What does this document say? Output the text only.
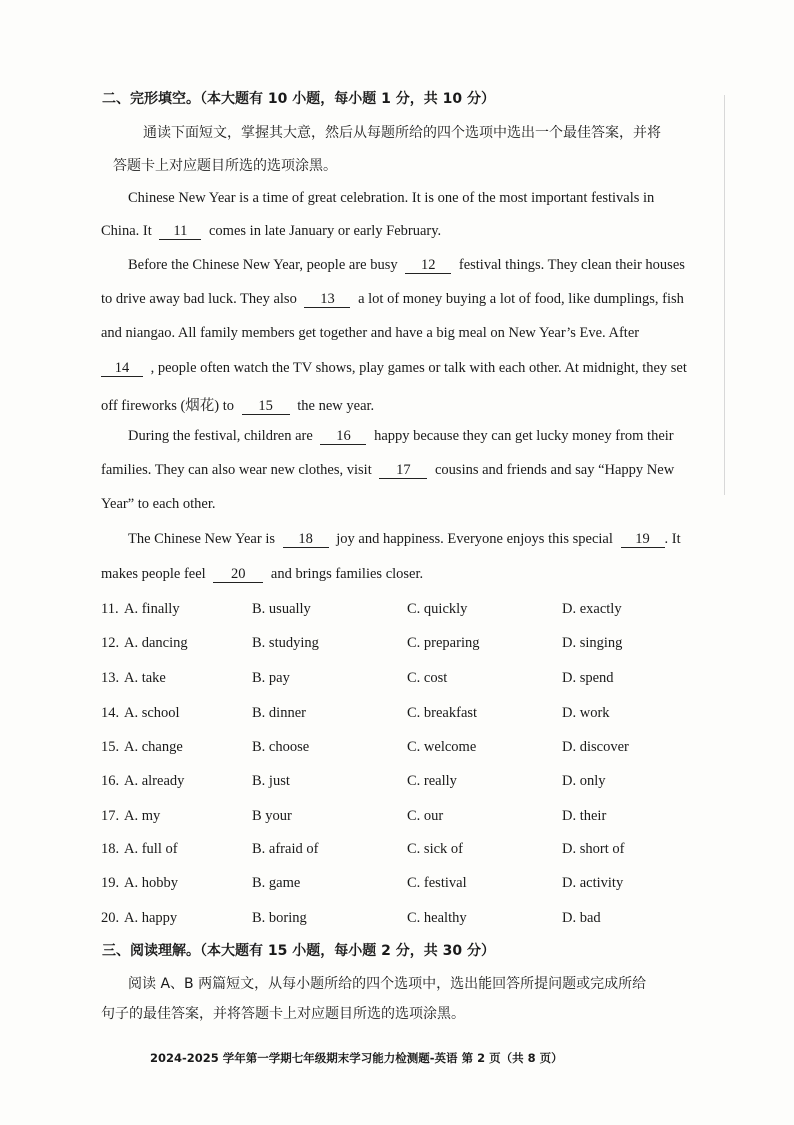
二、完形填空。（本大题有 10 小题，每小题 1 分，共 10 分）
通读下面短文，掌握其大意，然后从每题所给的四个选项中选出一个最佳答案，并将
答题卡上对应题目所选的选项涂黑。
Chinese New Year is a time of great celebration. It is one of the most important festivals in
China. It 11 comes in late January or early February.
Before the Chinese New Year, people are busy 12 festival things. They clean their houses
to drive away bad luck. They also 13 a lot of money buying a lot of food, like dumplings, fish
and niangao. All family members get together and have a big meal on New Year’s Eve. After
14 , people often watch the TV shows, play games or talk with each other. At midnight, they set
off fireworks (烟花) to 15 the new year.
During the festival, children are 16 happy because they can get lucky money from their
families. They can also wear new clothes, visit 17 cousins and friends and say “Happy New
Year” to each other.
The Chinese New Year is 18 joy and happiness. Everyone enjoys this special 19 . It
makes people feel 20 and brings families closer.
11. A. finally	B. usually	C. quickly	D. exactly
12. A. dancing	B. studying	C. preparing	D. singing
13. A. take	B. pay	C. cost	D. spend
14. A. school	B. dinner	C. breakfast	D. work
15. A. change	B. choose	C. welcome	D. discover
16. A. already	B. just	C. really	D. only
17. A. my	B your	C. our	D. their
18. A. full of	B. afraid of	C. sick of	D. short of
19. A. hobby	B. game	C. festival	D. activity
20. A. happy	B. boring	C. healthy	D. bad
三、阅读理解。（本大题有 15 小题，每小题 2 分，共 30 分）
阅读 A、B 两篇短文，从每小题所给的四个选项中，选出能回答所提问题或完成所给
句子的最佳答案，并将答题卡上对应题目所选的选项涂黑。
2024-2025 学年第一学期七年级期末学习能力检测题-英语 第 2 页（共 8 页）
